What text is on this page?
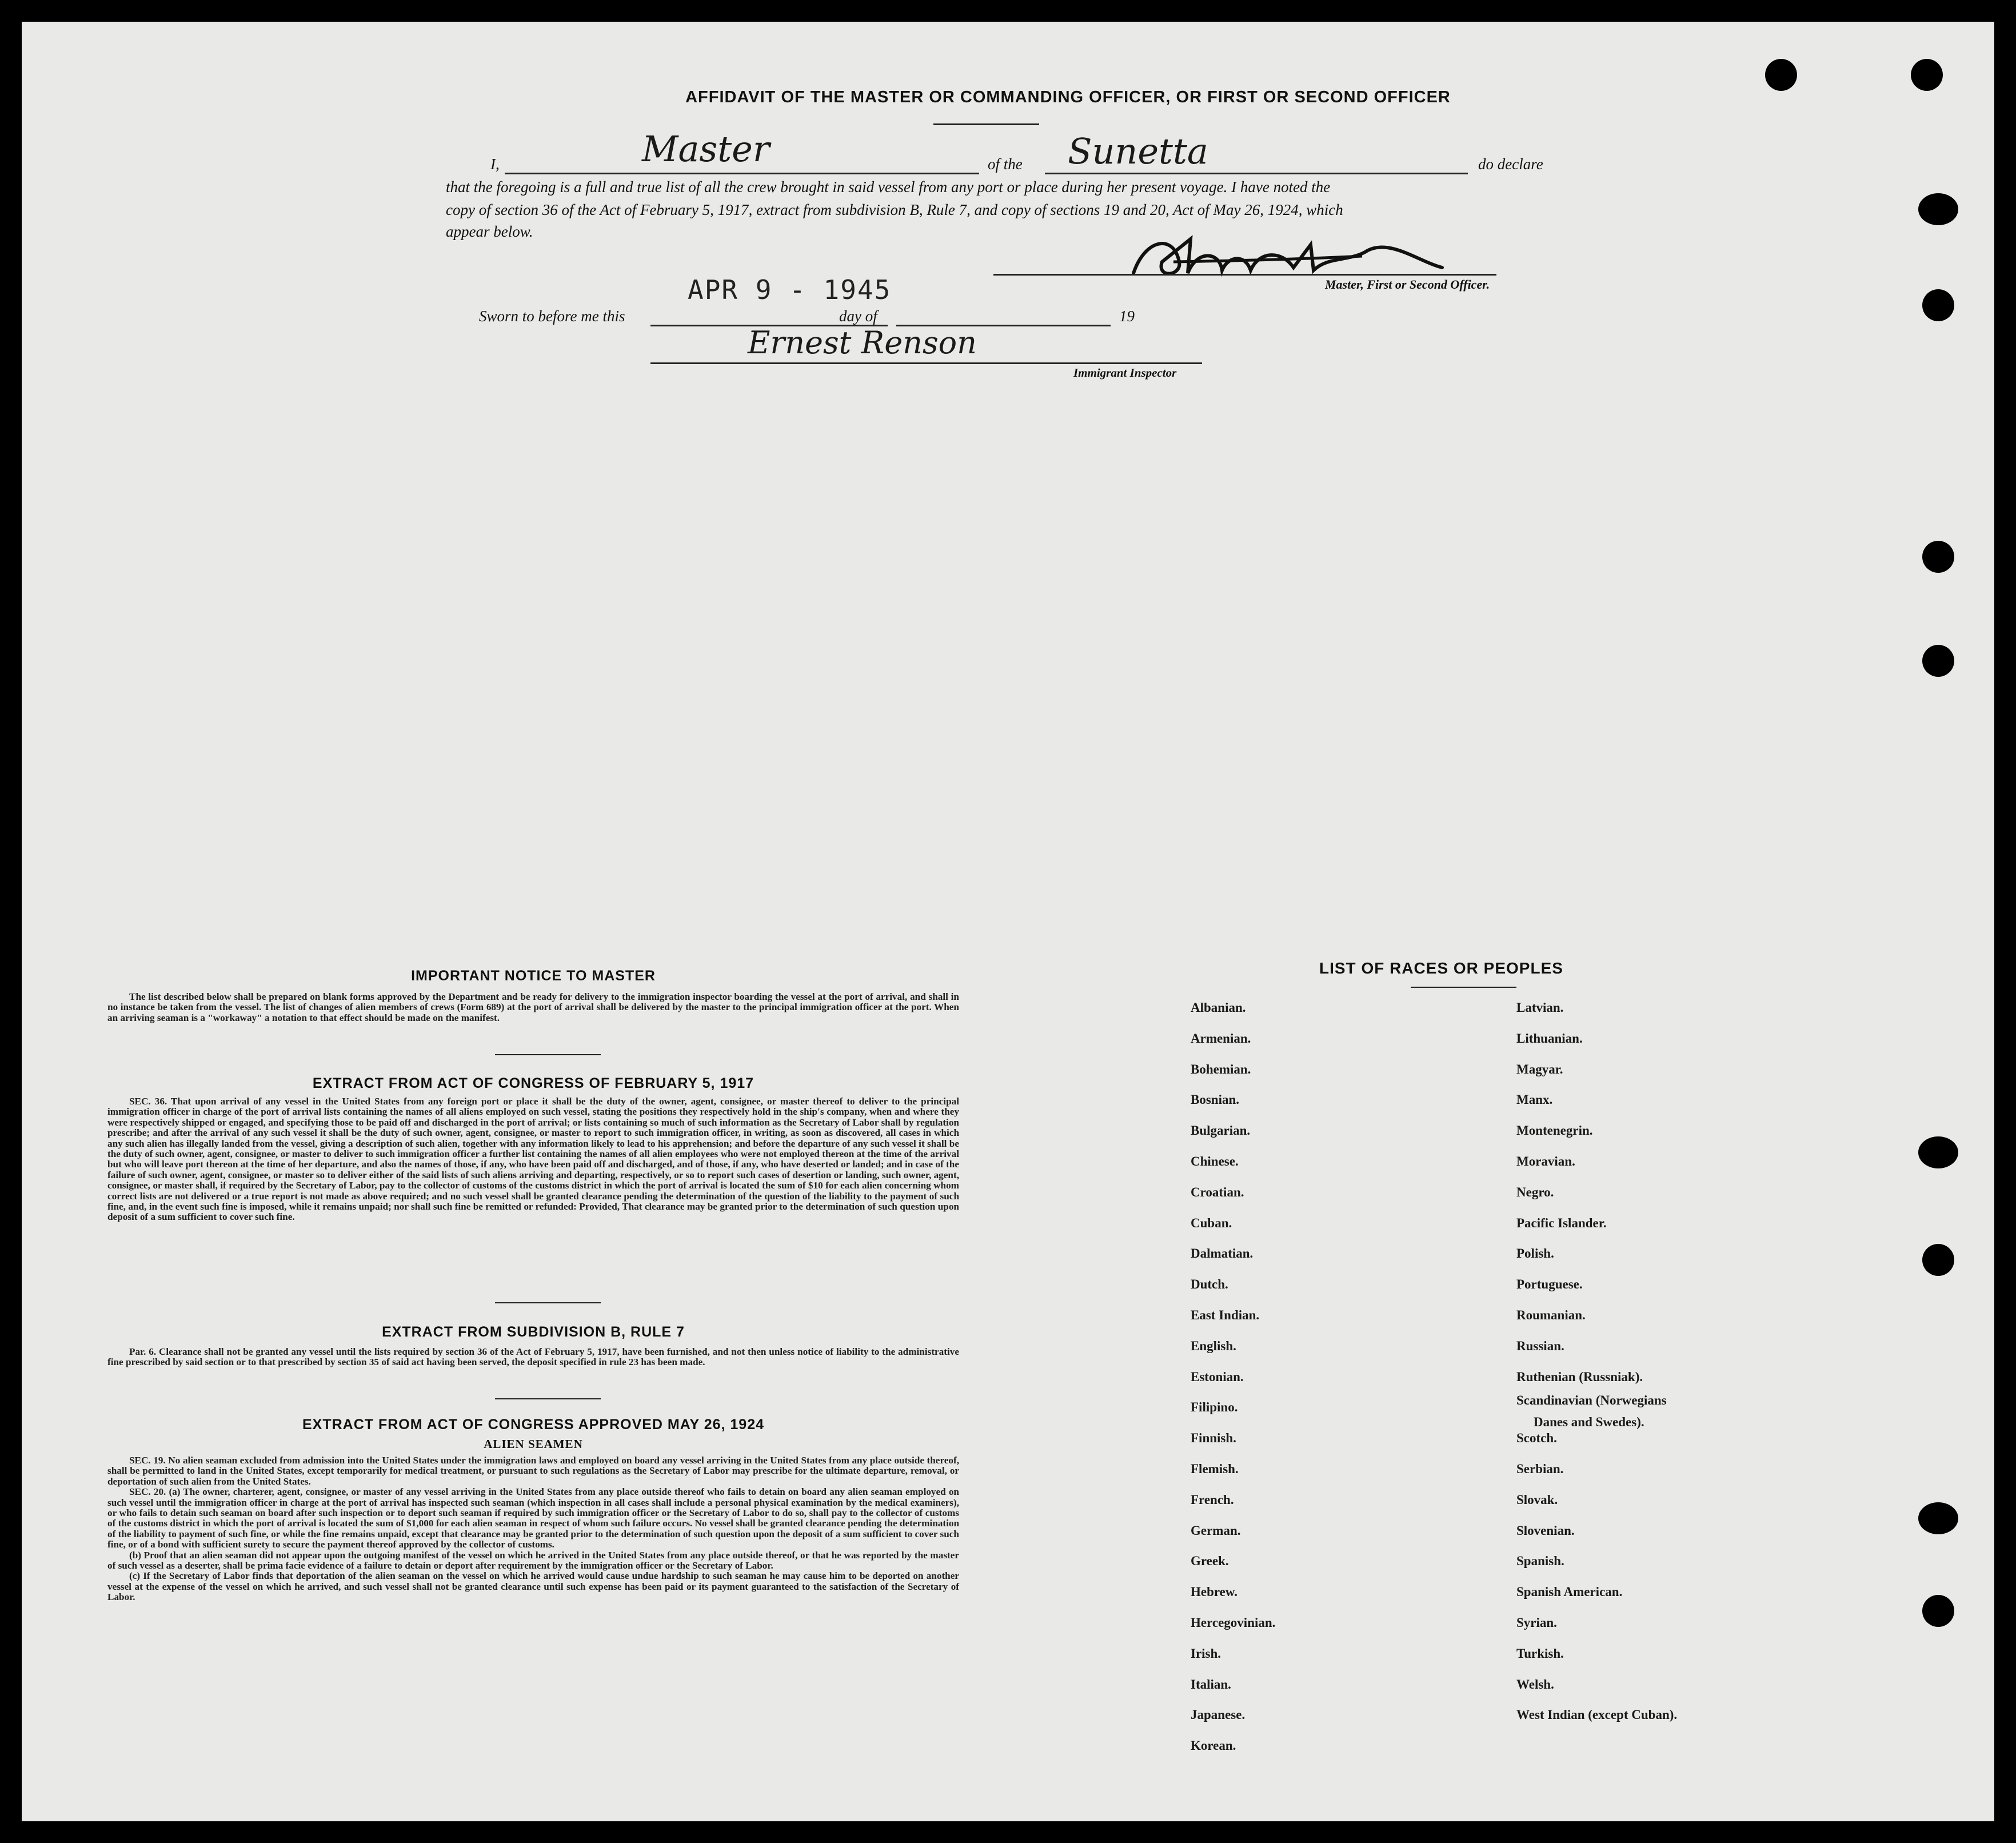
AFFIDAVIT OF THE MASTER OR COMMANDING OFFICER, OR FIRST OR SECOND OFFICER
I,	Master	of the Sunetta	do declare
that the foregoing is a full and true list of all the crew brought in said vessel from any port or place during her present voyage. I have noted the
copy of section 36 of the Act of February 5, 1917, extract from subdivision B, Rule 7, and copy of sections 19 and 20, Act of May 26, 1924, which
appear below.
Master, First or Second Officer.
Sworn to before me this
APR 9 - 1945
day of	19
Ernest Renson
Immigrant Inspector
IMPORTANT NOTICE TO MASTER

The list described below shall be prepared on blank forms approved by the Department and be ready for delivery to the immigration inspector boarding the vessel at the port of arrival, and shall in no instance be taken from the vessel. The list of changes of alien members of crews (Form 689) at the port of arrival shall be delivered by the master to the principal immigration officer at the port. When an arriving seaman is a "workaway" a notation to that effect should be made on the manifest.

EXTRACT FROM ACT OF CONGRESS OF FEBRUARY 5, 1917

SEC. 36. That upon arrival of any vessel in the United States from any foreign port or place it shall be the duty of the owner, agent, consignee, or master thereof to deliver to the principal immigration officer in charge of the port of arrival lists containing the names of all aliens employed on such vessel, stating the positions they respectively hold in the ship's company, when and where they were respectively shipped or engaged, and specifying those to be paid off and discharged in the port of arrival; or lists containing so much of such information as the Secretary of Labor shall by regulation prescribe; and after the arrival of any such vessel it shall be the duty of such owner, agent, consignee, or master to report to such immigration officer, in writing, as soon as discovered, all cases in which any such alien has illegally landed from the vessel, giving a description of such alien, together with any information likely to lead to his apprehension; and before the departure of any such vessel it shall be the duty of such owner, agent, consignee, or master to deliver to such immigration officer a further list containing the names of all alien employees who were not employed thereon at the time of the arrival but who will leave port thereon at the time of her departure, and also the names of those, if any, who have been paid off and discharged, and of those, if any, who have deserted or landed; and in case of the failure of such owner, agent, consignee, or master so to deliver either of the said lists of such aliens arriving and departing, respectively, or so to report such cases of desertion or landing, such owner, agent, consignee, or master shall, if required by the Secretary of Labor, pay to the collector of customs of the customs district in which the port of arrival is located the sum of $10 for each alien concerning whom correct lists are not delivered or a true report is not made as above required; and no such vessel shall be granted clearance pending the determination of the question of the liability to the payment of such fine, and, in the event such fine is imposed, while it remains unpaid; nor shall such fine be remitted or refunded: Provided, That clearance may be granted prior to the determination of such question upon deposit of a sum sufficient to cover such fine.

EXTRACT FROM SUBDIVISION B, RULE 7

Par. 6. Clearance shall not be granted any vessel until the lists required by section 36 of the Act of February 5, 1917, have been furnished, and not then unless notice of liability to the administrative fine prescribed by said section or to that prescribed by section 35 of said act having been served, the deposit specified in rule 23 has been made.

EXTRACT FROM ACT OF CONGRESS APPROVED MAY 26, 1924
ALIEN SEAMEN

SEC. 19. No alien seaman excluded from admission into the United States under the immigration laws and employed on board any vessel arriving in the United States from any place outside thereof, shall be permitted to land in the United States, except temporarily for medical treatment, or pursuant to such regulations as the Secretary of Labor may prescribe for the ultimate departure, removal, or deportation of such alien from the United States.

SEC. 20. (a) The owner, charterer, agent, consignee, or master of any vessel arriving in the United States from any place outside thereof who fails to detain on board any alien seaman employed on such vessel until the immigration officer in charge at the port of arrival has inspected such seaman (which inspection in all cases shall include a personal physical examination by the medical examiners), or who fails to detain such seaman on board after such inspection or to deport such seaman if required by such immigration officer or the Secretary of Labor to do so, shall pay to the collector of customs of the customs district in which the port of arrival is located the sum of $1,000 for each alien seaman in respect of whom such failure occurs. No vessel shall be granted clearance pending the determination of the liability to payment of such fine, or while the fine remains unpaid, except that clearance may be granted prior to the determination of such question upon the deposit of a sum sufficient to cover such fine, or of a bond with sufficient surety to secure the payment thereof approved by the collector of customs.

(b) Proof that an alien seaman did not appear upon the outgoing manifest of the vessel on which he arrived in the United States from any place outside thereof, or that he was reported by the master of such vessel as a deserter, shall be prima facie evidence of a failure to detain or deport after requirement by the immigration officer or the Secretary of Labor.

(c) If the Secretary of Labor finds that deportation of the alien seaman on the vessel on which he arrived would cause undue hardship to such seaman he may cause him to be deported on another vessel at the expense of the vessel on which he arrived, and such vessel shall not be granted clearance until such expense has been paid or its payment guaranteed to the satisfaction of the Secretary of Labor.

LIST OF RACES OR PEOPLES
Albanian.
Armenian.
Bohemian.
Bosnian.
Bulgarian.
Chinese.
Croatian.
Cuban.
Dalmatian.
Dutch.
East Indian.
English.
Estonian.
Filipino.
Finnish.
Flemish.
French.
German.
Greek.
Hebrew.
Hercegovinian.
Irish.
Italian.
Japanese.
Korean.
Latvian.
Lithuanian.
Magyar.
Manx.
Montenegrin.
Moravian.
Negro.
Pacific Islander.
Polish.
Portuguese.
Roumanian.
Russian.
Ruthenian (Russniak).
Scandinavian (Norwegians
Danes and Swedes).
Scotch.
Serbian.
Slovak.
Slovenian.
Spanish.
Spanish American.
Syrian.
Turkish.
Welsh.
West Indian (except Cuban).
